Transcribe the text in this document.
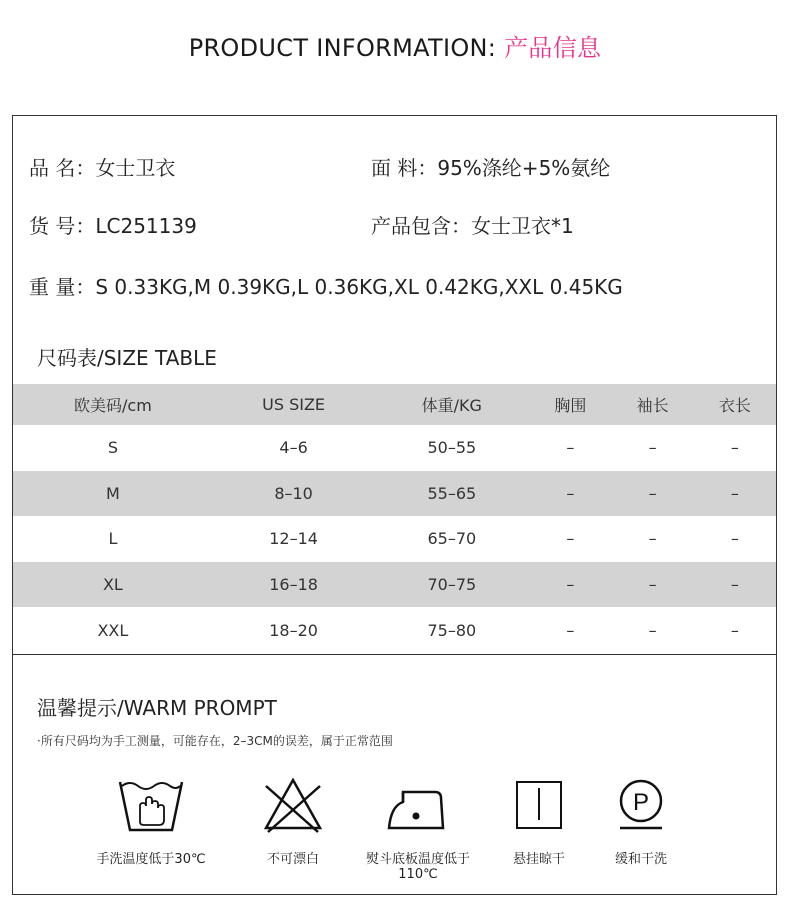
PRODUCT INFORMATION: 产品信息
品 名：女士卫衣	面 料：95%涤纶+5%氨纶
货 号：LC251139	产品包含：女士卫衣*1
重 量：S 0.33KG,M 0.39KG,L 0.36KG,XL 0.42KG,XXL 0.45KG
尺码表/SIZE TABLE
欧美码/cm	US SIZE	体重/KG	胸围	袖长	衣长
S	4–6	50–55	–	–	–
M	8–10	55–65	–	–	–
L	12–14	65–70	–	–	–
XL	16–18	70–75	–	–	–
XXL	18–20	75–80	–	–	–
温馨提示/WARM PROMPT
·所有尺码均为手工测量，可能存在，2–3CM的误差，属于正常范围
手洗温度低于30℃	不可漂白	熨斗底板温度低于110℃
悬挂晾干
P
缓和干洗
